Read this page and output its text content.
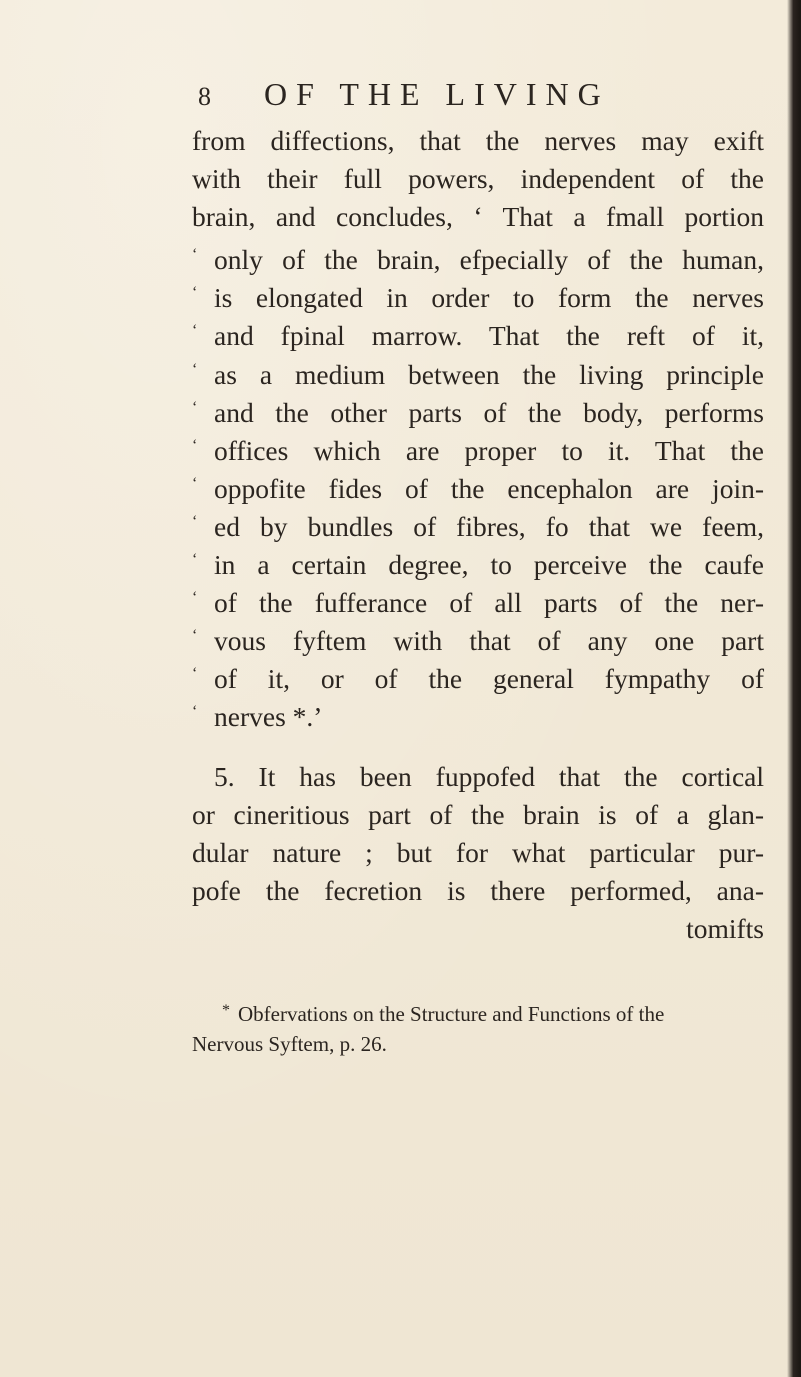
8 OF THE LIVING
from diffections, that the nerves may exift
with their full powers, independent of the
brain, and concludes, ‘ That a fmall portion
‘ only of the brain, efpecially of the human,
‘ is elongated in order to form the nerves
‘ and fpinal marrow. That the reft of it,
‘ as a medium between the living principle
‘ and the other parts of the body, performs
‘ offices which are proper to it. That the
‘ oppofite fides of the encephalon are join-
‘ ed by bundles of fibres, fo that we feem,
‘ in a certain degree, to perceive the caufe
‘ of the fufferance of all parts of the ner-
‘ vous fyftem with that of any one part
‘ of it, or of the general fympathy of
‘ nerves *.’
5. It has been fuppofed that the cortical
or cineritious part of the brain is of a glan-
dular nature ; but for what particular pur-
pofe the fecretion is there performed, ana-
tomifts
* Obfervations on the Structure and Functions of the
Nervous Syftem, p. 26.
